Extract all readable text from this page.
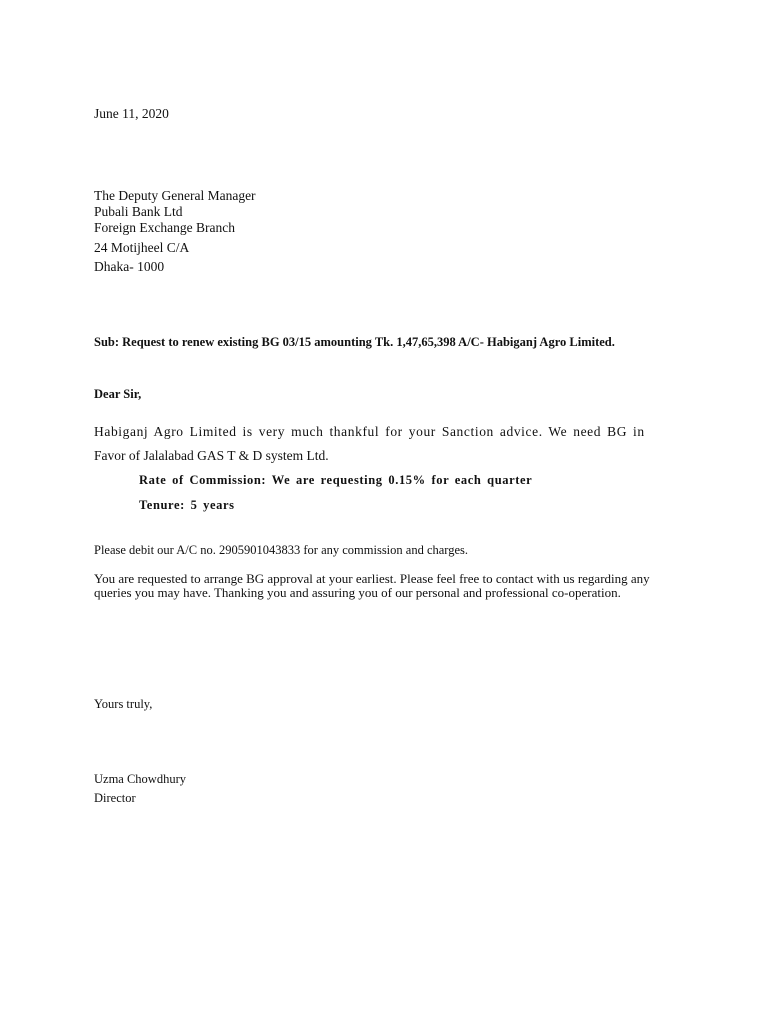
June 11, 2020
The Deputy General Manager
Pubali Bank Ltd
Foreign Exchange Branch
24 Motijheel C/A
Dhaka- 1000
Sub: Request to renew existing BG 03/15 amounting Tk. 1,47,65,398 A/C- Habiganj Agro Limited.
Dear Sir,
Habiganj Agro Limited is very much thankful for your Sanction advice. We need BG in
Favor of Jalalabad GAS T & D system Ltd.
Rate of Commission: We are requesting 0.15% for each quarter
Tenure: 5 years
Please debit our A/C no. 2905901043833 for any commission and charges.
You are requested to arrange BG approval at your earliest. Please feel free to contact with us regarding any queries you may have. Thanking you and assuring you of our personal and professional co-operation.
Yours truly,
Uzma Chowdhury
Director
